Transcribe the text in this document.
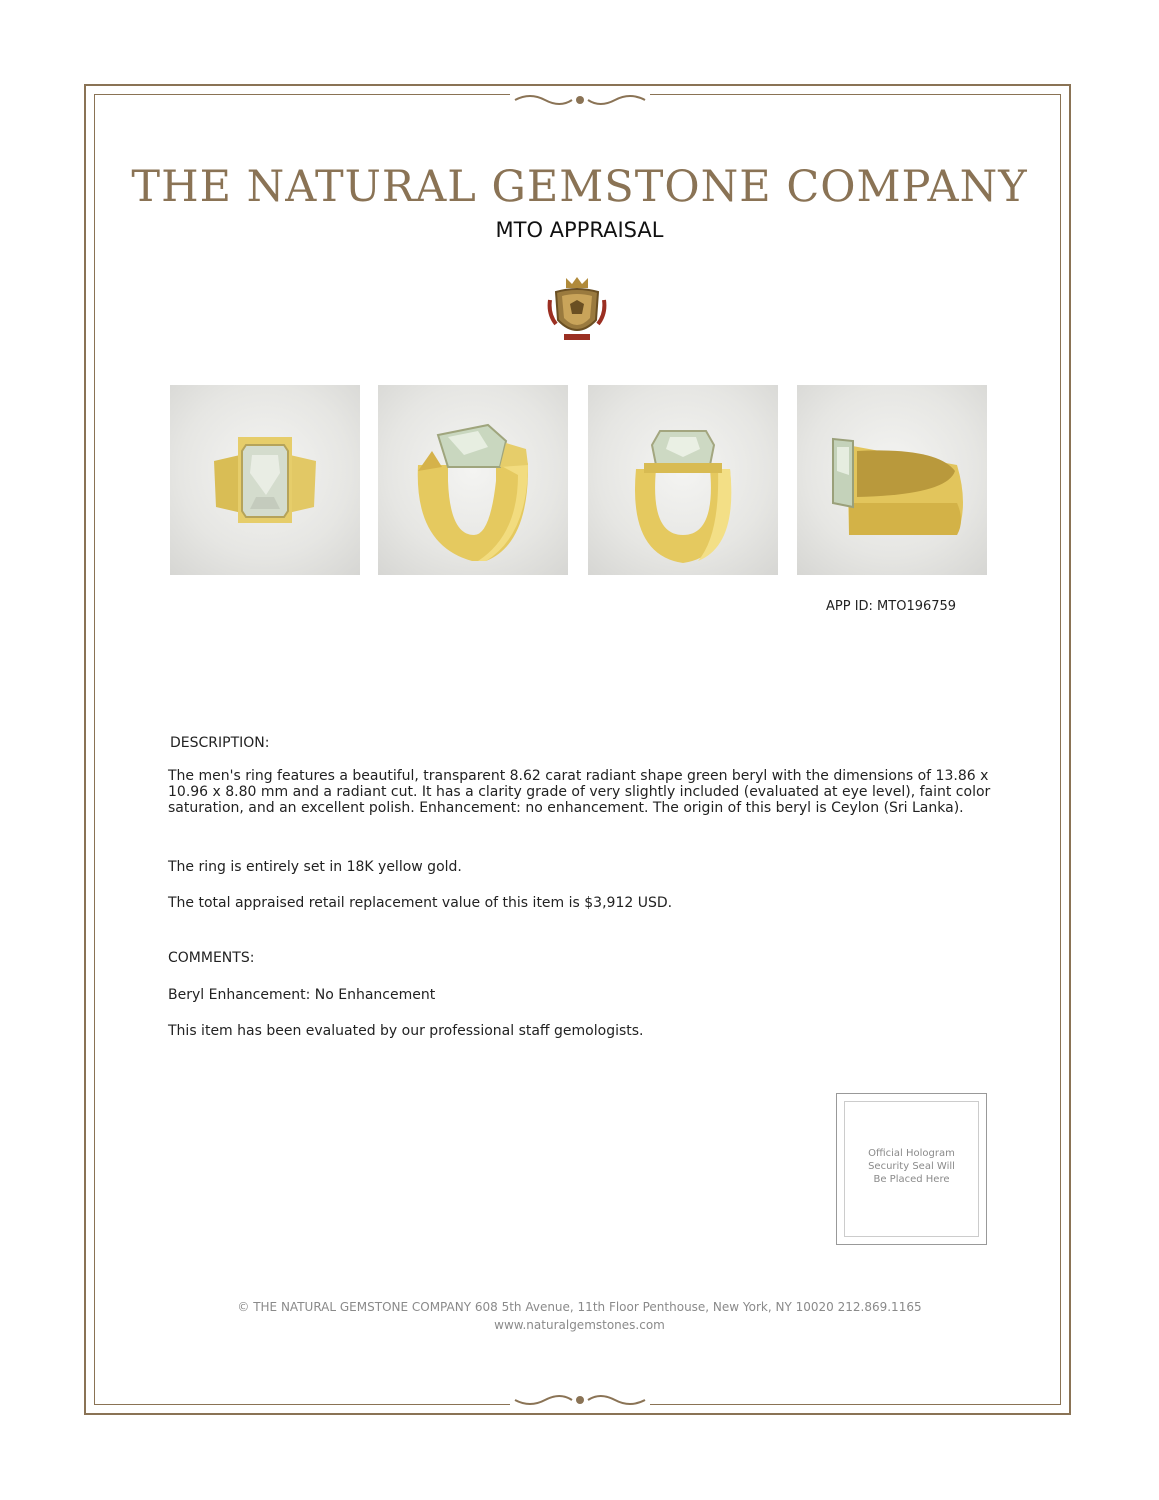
THE NATURAL GEMSTONE COMPANY
MTO APPRAISAL
APP ID: MTO196759
DESCRIPTION:
The men's ring features a beautiful, transparent 8.62 carat radiant shape green beryl with the dimensions of 13.86 x 10.96 x 8.80 mm and a radiant cut. It has a clarity grade of very slightly included (evaluated at eye level), faint color saturation, and an excellent polish. Enhancement: no enhancement. The origin of this beryl is Ceylon (Sri Lanka).
The ring is entirely set in 18K yellow gold.
The total appraised retail replacement value of this item is $3,912 USD.
COMMENTS:
Beryl Enhancement: No Enhancement
This item has been evaluated by our professional staff gemologists.
Official Hologram
Security Seal Will
Be Placed Here
© THE NATURAL GEMSTONE COMPANY 608 5th Avenue, 11th Floor Penthouse, New York, NY 10020 212.869.1165
www.naturalgemstones.com
